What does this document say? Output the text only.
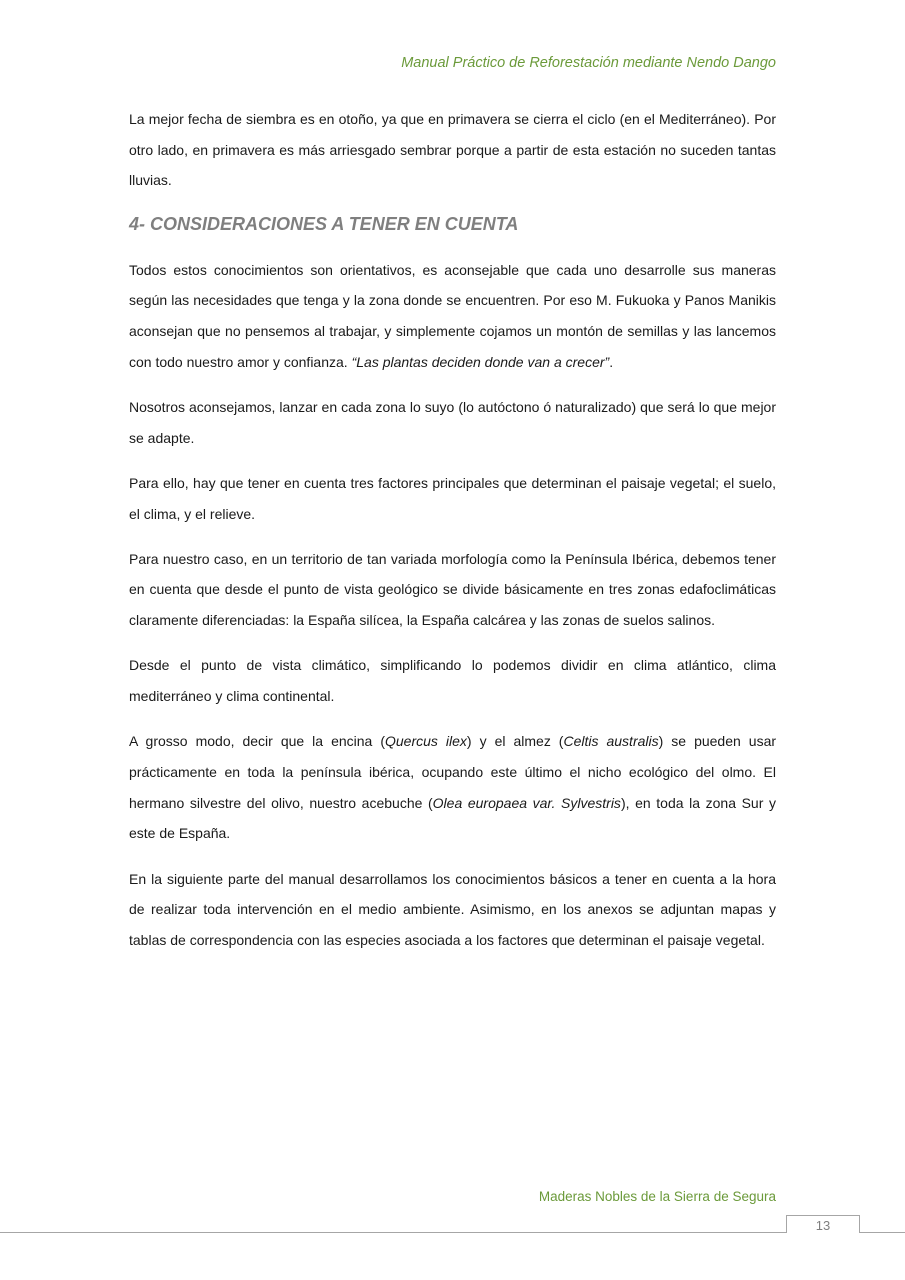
Manual Práctico de Reforestación mediante Nendo Dango

La mejor fecha de siembra es en otoño, ya que en primavera se cierra el ciclo (en el Mediterráneo). Por otro lado, en primavera es más arriesgado sembrar porque a partir de esta estación no suceden tantas lluvias.

4- CONSIDERACIONES A TENER EN CUENTA

Todos estos conocimientos son orientativos, es aconsejable que cada uno desarrolle sus maneras según las necesidades que tenga y la zona donde se encuentren. Por eso M. Fukuoka y Panos Manikis aconsejan que no pensemos al trabajar, y simplemente cojamos un montón de semillas y las lancemos con todo nuestro amor y confianza. “Las plantas deciden donde van a crecer”.

Nosotros aconsejamos, lanzar en cada zona lo suyo (lo autóctono ó naturalizado) que será lo que mejor se adapte.

Para ello, hay que tener en cuenta tres factores principales que determinan el paisaje vegetal; el suelo, el clima, y el relieve.

Para nuestro caso, en un territorio de tan variada morfología como la Península Ibérica, debemos tener en cuenta que desde el punto de vista geológico se divide básicamente en tres zonas edafoclimáticas claramente diferenciadas: la España silícea, la España calcárea y las zonas de suelos salinos.

Desde el punto de vista climático, simplificando lo podemos dividir en clima atlántico, clima mediterráneo y clima continental.

A grosso modo, decir que la encina (Quercus ilex) y el almez (Celtis australis) se pueden usar prácticamente en toda la península ibérica, ocupando este último el nicho ecológico del olmo. El hermano silvestre del olivo, nuestro acebuche (Olea europaea var. Sylvestris), en toda la zona Sur y este de España.

En la siguiente parte del manual desarrollamos los conocimientos básicos a tener en cuenta a la hora de realizar toda intervención en el medio ambiente. Asimismo, en los anexos se adjuntan mapas y tablas de correspondencia con las especies asociada a los factores que determinan el paisaje vegetal.

Maderas Nobles de la Sierra de Segura
13
